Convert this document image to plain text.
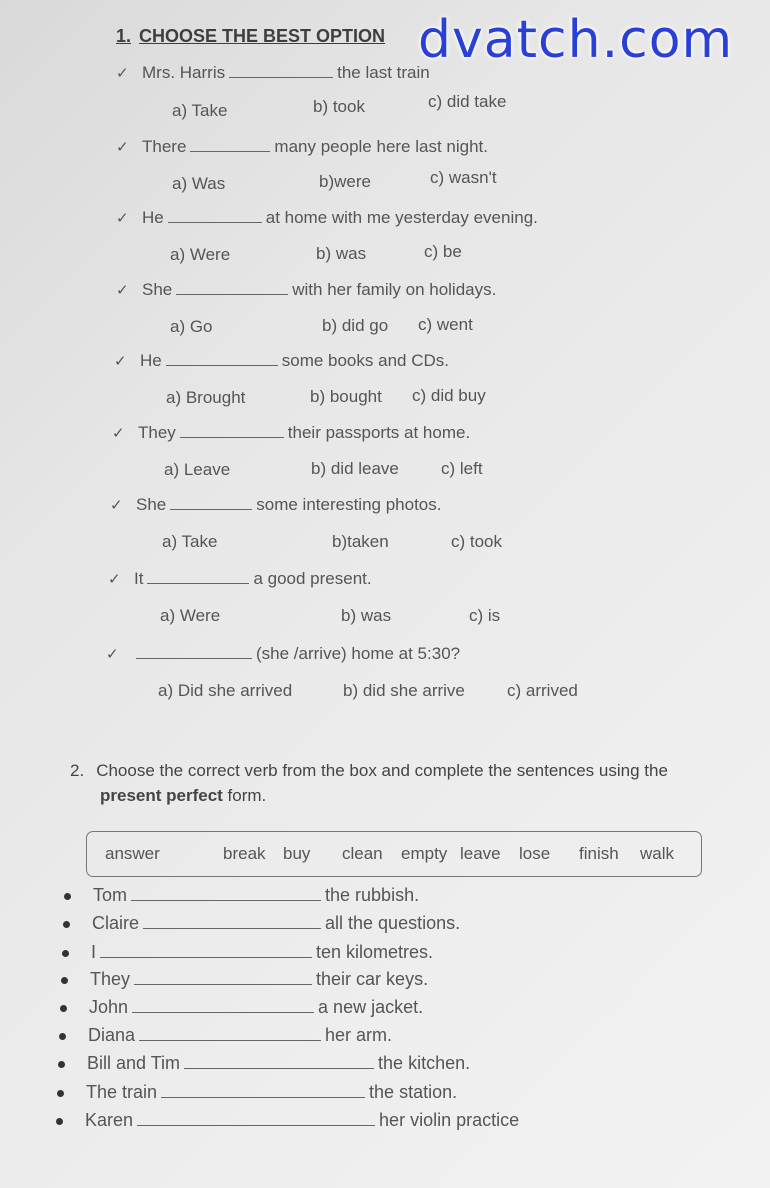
dvatch.com
1. CHOOSE THE BEST OPTION
✓ Mrs. Harris	the last train
a) Take	b) took	c) did take
✓ There	many people here last night.
a) Was	b)were	c) wasn't
✓ He	at home with me yesterday evening.
a) Were	b) was	c) be
✓ She	with her family on holidays.
a) Go	b) did go c) went
✓ He	some books and CDs.
a) Brought	b) bought c) did buy
✓ They	their passports at home.
a) Leave	b) did leave c) left
✓ She	some interesting photos.
a) Take	b)taken	c) took
✓ It	a good present.
a) Were	b) was	c) is
✓	(she /arrive) home at 5:30?
a) Did she arrived	b) did she arrive c) arrived
2. Choose the correct verb from the box and complete the sentences using the
present perfect form.
answer	break buy clean empty leave lose finish walk
Tom	the rubbish.
Claire	all the questions.
I	ten kilometres.
They	their car keys.
John	a new jacket.
Diana	her arm.
Bill and Tim	the kitchen.
The train	the station.
Karen	her violin practice
